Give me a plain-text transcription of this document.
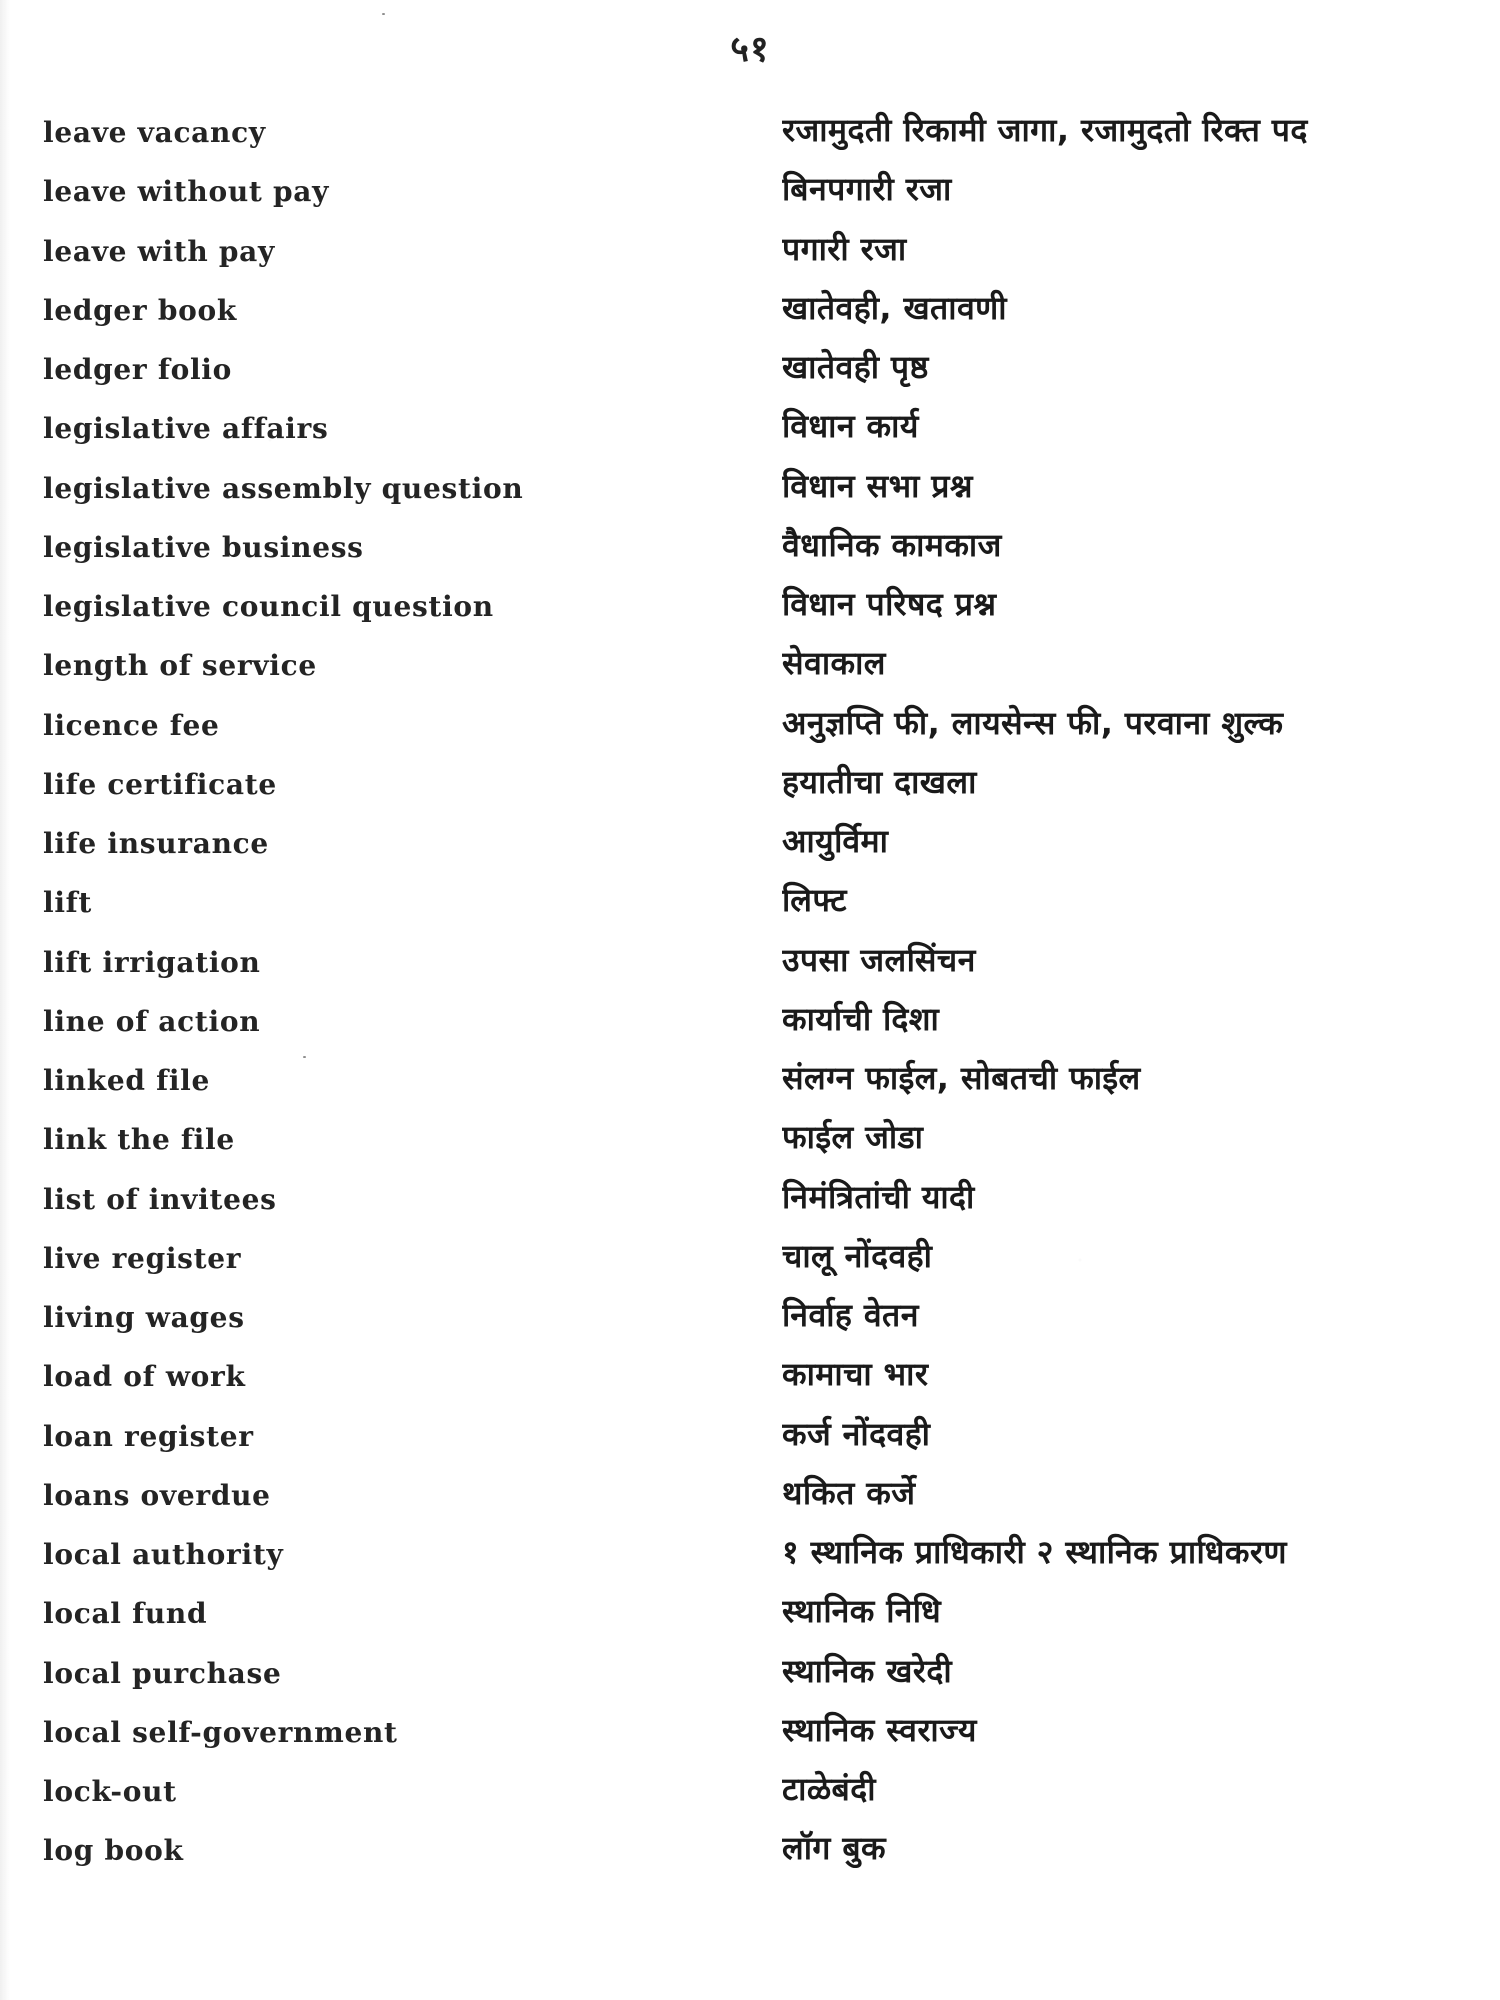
५१
leave vacancy	रजामुदती रिकामी जागा, रजामुदतो रिक्त पद
leave without pay	बिनपगारी रजा
leave with pay	पगारी रजा
ledger book	खातेवही, खतावणी
ledger folio	खातेवही पृष्ठ
legislative affairs	विधान कार्य
legislative assembly question	विधान सभा प्रश्न
legislative business	वैधानिक कामकाज
legislative council question	विधान परिषद प्रश्न
length of service	सेवाकाल
licence fee	अनुज्ञप्ति फी, लायसेन्स फी, परवाना शुल्क
life certificate	हयातीचा दाखला
life insurance	आयुर्विमा
lift	लिफ्ट
lift irrigation	उपसा जलसिंचन
line of action	कार्याची दिशा
linked file	संलग्न फाईल, सोबतची फाईल
link the file	फाईल जोडा
list of invitees	निमंत्रितांची यादी
live register	चालू नोंदवही
living wages	निर्वाह वेतन
load of work	कामाचा भार
loan register	कर्ज नोंदवही
loans overdue	थकित कर्जे
local authority	१ स्थानिक प्राधिकारी २ स्थानिक प्राधिकरण
local fund	स्थानिक निधि
local purchase	स्थानिक खरेदी
local self-government	स्थानिक स्वराज्य
lock-out	टाळेबंदी
log book	लॉग बुक
